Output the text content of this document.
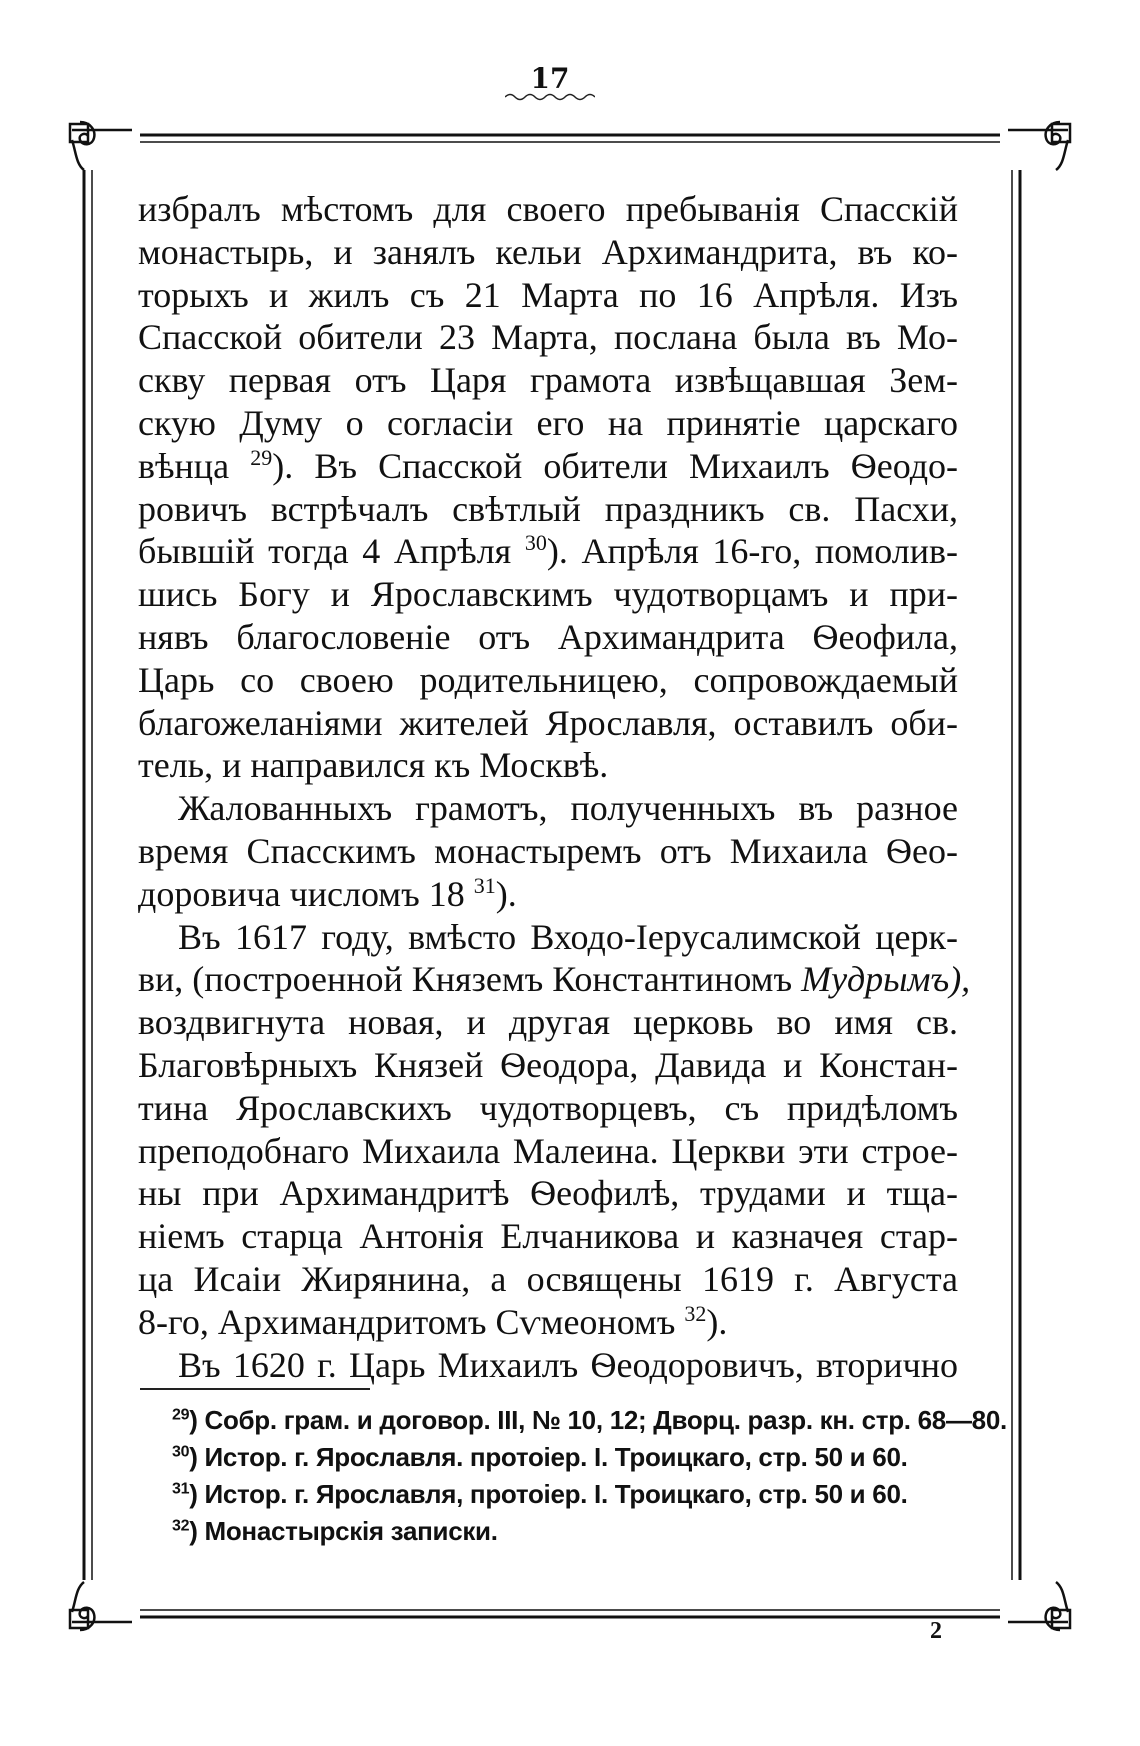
17
избралъ мѣстомъ для своего пребыванія Спасскій
монастырь, и занялъ кельи Архимандрита, въ ко-
торыхъ и жилъ съ 21 Марта по 16 Апрѣля. Изъ
Спасской обители 23 Марта, послана была въ Мо-
скву первая отъ Царя грамота извѣщавшая Зем-
скую Думу о согласіи его на принятіе царскаго
вѣнца $^{29}$). Въ Спасской обители Михаилъ Ѳеодо-
ровичъ встрѣчалъ свѣтлый праздникъ св. Пасхи,
бывшій тогда 4 Апрѣля $^{30}$). Апрѣля 16-го, помолив-
шись Богу и Ярославскимъ чудотворцамъ и при-
нявъ благословеніе отъ Архимандрита Ѳеофила,
Царь со своею родительницею, сопровождаемый
благожеланіями жителей Ярославля, оставилъ оби-
тель, и направился къ Москвѣ.
Жалованныхъ грамотъ, полученныхъ въ разное
время Спасскимъ монастыремъ отъ Михаила Ѳео-
доровича числомъ 18 $^{31}$).
Въ 1617 году, вмѣсто Входо-Іерусалимской церк-
ви, (построенной Княземъ Константиномъ Мудрымъ),
воздвигнута новая, и другая церковь во имя св.
Благовѣрныхъ Князей Ѳеодора, Давида и Констан-
тина Ярославскихъ чудотворцевъ, съ придѣломъ
преподобнаго Михаила Малеина. Церкви эти строе-
ны при Архимандритѣ Ѳеофилѣ, трудами и тща-
ніемъ старца Антонія Елчаникова и казначея стар-
ца Исаіи Жирянина, а освящены 1619 г. Августа
8-го, Архимандритомъ Сѵмеономъ $^{32}$).
Въ 1620 г. Царь Михаилъ Ѳеодоровичъ, вторично
$^{29}$) Собр. грам. и договор. III, № 10, 12; Дворц. разр. кн. стр. 68—80.
$^{30}$) Истор. г. Ярославля. протоіер. І. Троицкаго, стр. 50 и 60.
$^{31}$) Истор. г. Ярославля, протоіер. І. Троицкаго, стр. 50 и 60.
$^{32}$) Монастырскія записки.
2
